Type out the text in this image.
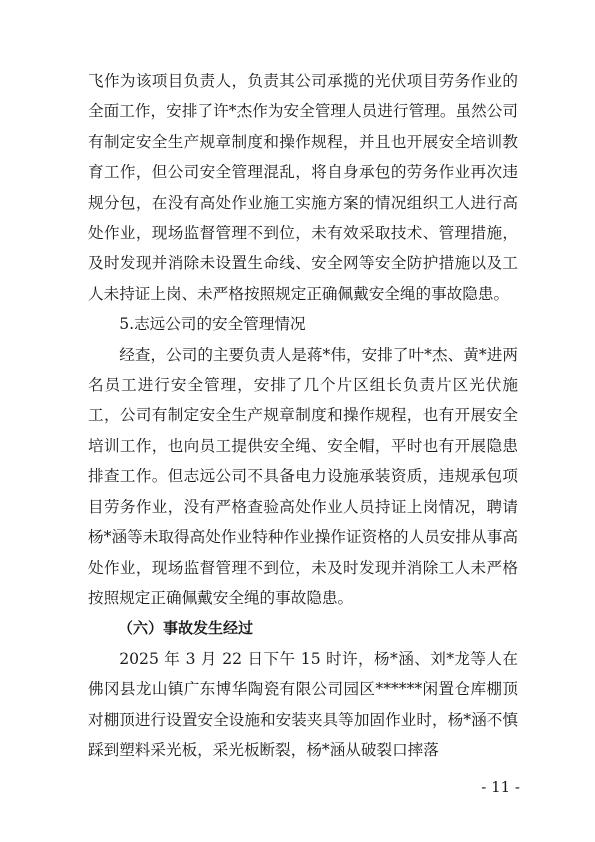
飞作为该项目负责人，负责其公司承揽的光伏项目劳务作业的全面工作，安排了许*杰作为安全管理人员进行管理。虽然公司有制定安全生产规章制度和操作规程，并且也开展安全培训教育工作，但公司安全管理混乱，将自身承包的劳务作业再次违规分包，在没有高处作业施工实施方案的情况组织工人进行高处作业，现场监督管理不到位，未有效采取技术、管理措施，及时发现并消除未设置生命线、安全网等安全防护措施以及工人未持证上岗、未严格按照规定正确佩戴安全绳的事故隐患。

5.志远公司的安全管理情况

经查，公司的主要负责人是蒋*伟，安排了叶*杰、黄*进两名员工进行安全管理，安排了几个片区组长负责片区光伏施工，公司有制定安全生产规章制度和操作规程，也有开展安全培训工作，也向员工提供安全绳、安全帽，平时也有开展隐患排查工作。但志远公司不具备电力设施承装资质，违规承包项目劳务作业，没有严格查验高处作业人员持证上岗情况，聘请杨*涵等未取得高处作业特种作业操作证资格的人员安排从事高处作业，现场监督管理不到位，未及时发现并消除工人未严格按照规定正确佩戴安全绳的事故隐患。

（六）事故发生经过

2025 年 3 月 22 日下午 15 时许，杨*涵、刘*龙等人在佛冈县龙山镇广东博华陶瓷有限公司园区******闲置仓库棚顶对棚顶进行设置安全设施和安装夹具等加固作业时，杨*涵不慎踩到塑料采光板，采光板断裂，杨*涵从破裂口摔落

- 11 -
